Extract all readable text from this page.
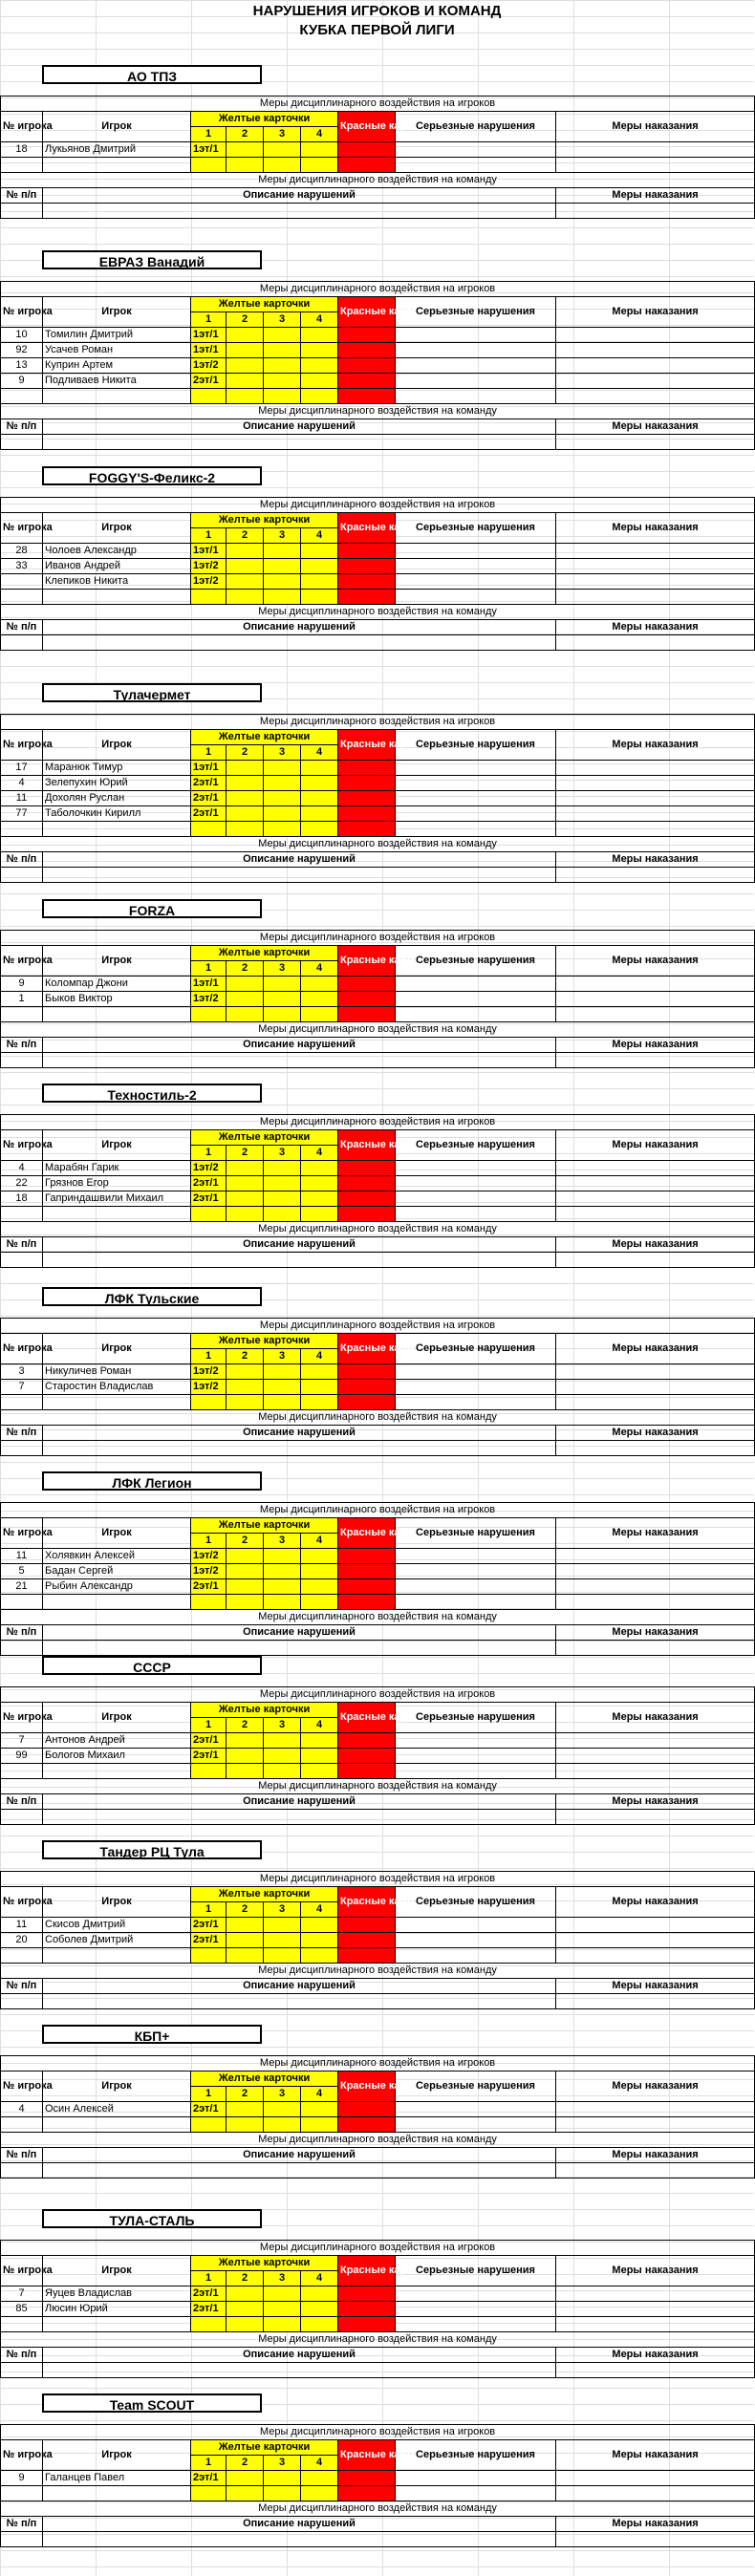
НАРУШЕНИЯ ИГРОКОВ И КОМАНД
КУБКА ПЕРВОЙ ЛИГИ
АО ТПЗ
Меры дисциплинарного воздействия на игроков								
№ игрока	Игрок	Желтые карточки				Красные карточки	Серьезные нарушения	Меры наказания
		1	2	3	4			
18	Лукьянов Дмитрий	1эт/1						

Меры дисциплинарного воздействия на команду		
№ п/п	Описание нарушений	Меры наказания

ЕВРАЗ Ванадий
Меры дисциплинарного воздействия на игроков								
№ игрока	Игрок	Желтые карточки				Красные карточки	Серьезные нарушения	Меры наказания
		1	2	3	4			
10	Томилин Дмитрий	1эт/1						
92	Усачев Роман	1эт/1						
13	Куприн Артем	1эт/2						
9	Подливаев Никита	2эт/1						

Меры дисциплинарного воздействия на команду		
№ п/п	Описание нарушений	Меры наказания

FOGGY'S-Феликс-2
Меры дисциплинарного воздействия на игроков								
№ игрока	Игрок	Желтые карточки				Красные карточки	Серьезные нарушения	Меры наказания
		1	2	3	4			
28	Чолоев Александр	1эт/1						
33	Иванов Андрей	1эт/2						
	Клепиков Никита	1эт/2						

Меры дисциплинарного воздействия на команду		
№ п/п	Описание нарушений	Меры наказания

Тулачермет
Меры дисциплинарного воздействия на игроков								
№ игрока	Игрок	Желтые карточки				Красные карточки	Серьезные нарушения	Меры наказания
		1	2	3	4			
17	Маранюк Тимур	1эт/1						
4	Зелепухин Юрий	2эт/1						
11	Дохолян Руслан	2эт/1						
77	Таболочкин Кирилл	2эт/1						

Меры дисциплинарного воздействия на команду		
№ п/п	Описание нарушений	Меры наказания

FORZA
Меры дисциплинарного воздействия на игроков								
№ игрока	Игрок	Желтые карточки				Красные карточки	Серьезные нарушения	Меры наказания
		1	2	3	4			
9	Коломпар Джони	1эт/1						
1	Быков Виктор	1эт/2						

Меры дисциплинарного воздействия на команду		
№ п/п	Описание нарушений	Меры наказания

Техностиль-2
Меры дисциплинарного воздействия на игроков								
№ игрока	Игрок	Желтые карточки				Красные карточки	Серьезные нарушения	Меры наказания
		1	2	3	4			
4	Марабян Гарик	1эт/2						
22	Грязнов Егор	2эт/1						
18	Гаприндашвили Михаил	2эт/1						

Меры дисциплинарного воздействия на команду		
№ п/п	Описание нарушений	Меры наказания

ЛФК Тульские
Меры дисциплинарного воздействия на игроков								
№ игрока	Игрок	Желтые карточки				Красные карточки	Серьезные нарушения	Меры наказания
		1	2	3	4			
3	Никуличев Роман	1эт/2						
7	Старостин Владислав	1эт/2						

Меры дисциплинарного воздействия на команду		
№ п/п	Описание нарушений	Меры наказания

ЛФК Легион
Меры дисциплинарного воздействия на игроков								
№ игрока	Игрок	Желтые карточки				Красные карточки	Серьезные нарушения	Меры наказания
		1	2	3	4			
11	Холявкин Алексей	1эт/2						
5	Бадан Сергей	1эт/2						
21	Рыбин Александр	2эт/1						

Меры дисциплинарного воздействия на команду		
№ п/п	Описание нарушений	Меры наказания

СССР
Меры дисциплинарного воздействия на игроков								
№ игрока	Игрок	Желтые карточки				Красные карточки	Серьезные нарушения	Меры наказания
		1	2	3	4			
7	Антонов Андрей	2эт/1						
99	Бологов Михаил	2эт/1						

Меры дисциплинарного воздействия на команду		
№ п/п	Описание нарушений	Меры наказания

Тандер РЦ Тула
Меры дисциплинарного воздействия на игроков								
№ игрока	Игрок	Желтые карточки				Красные карточки	Серьезные нарушения	Меры наказания
		1	2	3	4			
11	Скисов Дмитрий	2эт/1						
20	Соболев Дмитрий	2эт/1						

Меры дисциплинарного воздействия на команду		
№ п/п	Описание нарушений	Меры наказания

КБП+
Меры дисциплинарного воздействия на игроков								
№ игрока	Игрок	Желтые карточки				Красные карточки	Серьезные нарушения	Меры наказания
		1	2	3	4			
4	Осин Алексей	2эт/1						

Меры дисциплинарного воздействия на команду		
№ п/п	Описание нарушений	Меры наказания

ТУЛА-СТАЛЬ
Меры дисциплинарного воздействия на игроков								
№ игрока	Игрок	Желтые карточки				Красные карточки	Серьезные нарушения	Меры наказания
		1	2	3	4			
7	Яуцев Владислав	2эт/1						
85	Люсин Юрий	2эт/1						

Меры дисциплинарного воздействия на команду		
№ п/п	Описание нарушений	Меры наказания

Team SCOUT
Меры дисциплинарного воздействия на игроков								
№ игрока	Игрок	Желтые карточки				Красные карточки	Серьезные нарушения	Меры наказания
		1	2	3	4			
9	Галанцев Павел	2эт/1						

Меры дисциплинарного воздействия на команду		
№ п/п	Описание нарушений	Меры наказания
